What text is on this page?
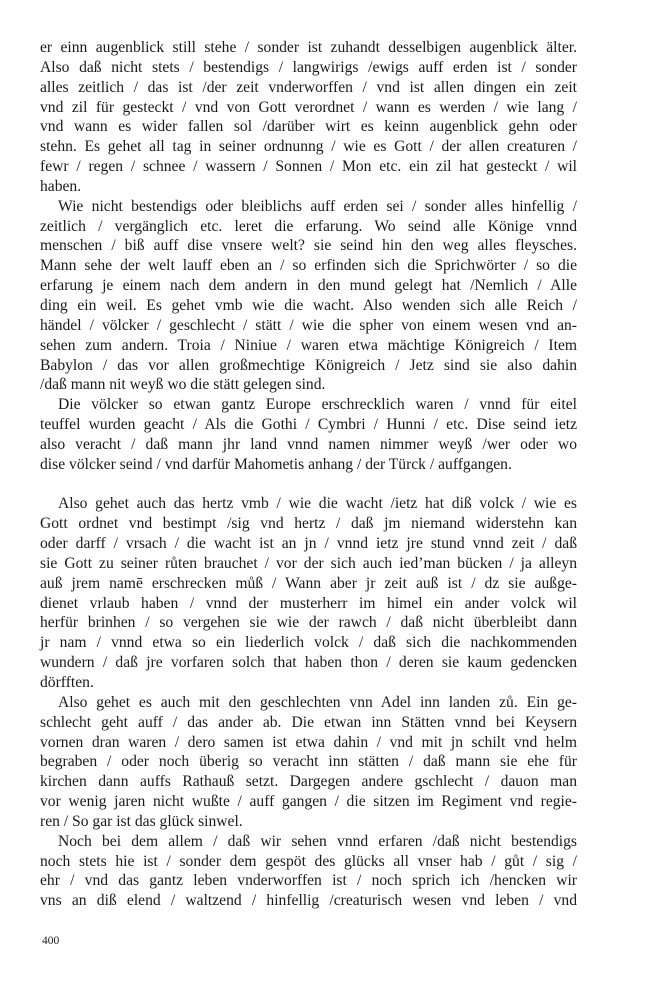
er einn augenblick still stehe / sonder ist zuhandt desselbigen augenblick älter.
Also daß nicht stets / bestendigs / langwirigs /ewigs auff erden ist / sonder
alles zeitlich / das ist /der zeit vnderworffen / vnd ist allen dingen ein zeit
vnd zil für gesteckt / vnd von Gott verordnet / wann es werden / wie lang /
vnd wann es wider fallen sol /darüber wirt es keinn augenblick gehn oder
stehn. Es gehet all tag in seiner ordnunng / wie es Gott / der allen creaturen /
fewr / regen / schnee / wassern / Sonnen / Mon etc. ein zil hat gesteckt / wil
haben.
Wie nicht bestendigs oder bleiblichs auff erden sei / sonder alles hinfellig /
zeitlich / vergänglich etc. leret die erfarung. Wo seind alle Könige vnnd
menschen / biß auff dise vnsere welt? sie seind hin den weg alles fleysches.
Mann sehe der welt lauff eben an / so erfinden sich die Sprichwörter / so die
erfarung je einem nach dem andern in den mund gelegt hat /Nemlich / Alle
ding ein weil. Es gehet vmb wie die wacht. Also wenden sich alle Reich /
händel / völcker / geschlecht / stätt / wie die spher von einem wesen vnd an-
sehen zum andern. Troia / Niniue / waren etwa mächtige Königreich / Item
Babylon / das vor allen großmechtige Königreich / Jetz sind sie also dahin
/daß mann nit weyß wo die stätt gelegen sind.
Die völcker so etwan gantz Europe erschrecklich waren / vnnd für eitel
teuffel wurden geacht / Als die Gothi / Cymbri / Hunni / etc. Dise seind ietz
also veracht / daß mann jhr land vnnd namen nimmer weyß /wer oder wo
dise völcker seind / vnd darfür Mahometis anhang / der Türck / auffgangen.
Also gehet auch das hertz vmb / wie die wacht /ietz hat diß volck / wie es
Gott ordnet vnd bestimpt /sig vnd hertz / daß jm niemand widerstehn kan
oder darff / vrsach / die wacht ist an jn / vnnd ietz jre stund vnnd zeit / daß
sie Gott zu seiner růten brauchet / vor der sich auch ied’man bücken / ja alleyn
auß jrem namē erschrecken můß / Wann aber jr zeit auß ist / dz sie außge-
dienet vrlaub haben / vnnd der musterherr im himel ein ander volck wil
herfür brinhen / so vergehen sie wie der rawch / daß nicht überbleibt dann
jr nam / vnnd etwa so ein liederlich volck / daß sich die nachkommenden
wundern / daß jre vorfaren solch that haben thon / deren sie kaum gedencken
dörfften.
Also gehet es auch mit den geschlechten vnn Adel inn landen zů. Ein ge-
schlecht geht auff / das ander ab. Die etwan inn Stätten vnnd bei Keysern
vornen dran waren / dero samen ist etwa dahin / vnd mit jn schilt vnd helm
begraben / oder noch überig so veracht inn stätten / daß mann sie ehe für
kirchen dann auffs Rathauß setzt. Dargegen andere gschlecht / dauon man
vor wenig jaren nicht wußte / auff gangen / die sitzen im Regiment vnd regie-
ren / So gar ist das glück sinwel.
Noch bei dem allem / daß wir sehen vnnd erfaren /daß nicht bestendigs
noch stets hie ist / sonder dem gespöt des glücks all vnser hab / gůt / sig /
ehr / vnd das gantz leben vnderworffen ist / noch sprich ich /hencken wir
vns an diß elend / waltzend / hinfellig /creaturisch wesen vnd leben / vnd
400
